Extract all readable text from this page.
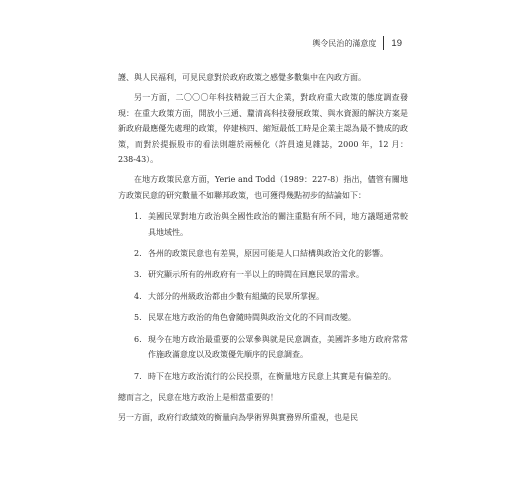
輿令民治的滿意度 19

護、與人民福利，可見民意對於政府政策之感覺多數集中在內政方面。

另一方面，二〇〇〇年科技精銳三百大企業，對政府重大政策的態度調查發現：在重大政策方面，開放小三通、釐清高科技發展政策、與水資源的解決方案是新政府最應優先處理的政策，停建核四、縮短最低工時是企業主認為最不贊成的政策，而對於提振股市的看法則趨於兩極化（許員遠見雜誌，2000 年，12 月：238-43）。

在地方政策民意方面，Yerie and Todd（1989：227-8）指出，儘管有關地方政策民意的研究數量不如聯邦政策，也可獲得幾點初步的結論如下：

1. 美國民眾對地方政治與全國性政治的關注重點有所不同，地方議題通常較具地域性。
2. 各州的政策民意也有差異，原因可能是人口結構與政治文化的影響。
3. 研究顯示所有的州政府有一半以上的時間在回應民眾的需求。
4. 大部分的州級政治都由少數有組織的民眾所掌握。
5. 民眾在地方政治的角色會隨時間與政治文化的不同而改變。
6. 現今在地方政治最重要的公眾參與就是民意調查，美國許多地方政府常常作施政滿意度以及政策優先順序的民意調查。
7. 時下在地方政治流行的公民投票，在衡量地方民意上其實是有偏差的。

總而言之，民意在地方政治上是相當重要的！

另一方面，政府行政績效的衡量向為學術界與實務界所重視，也是民
